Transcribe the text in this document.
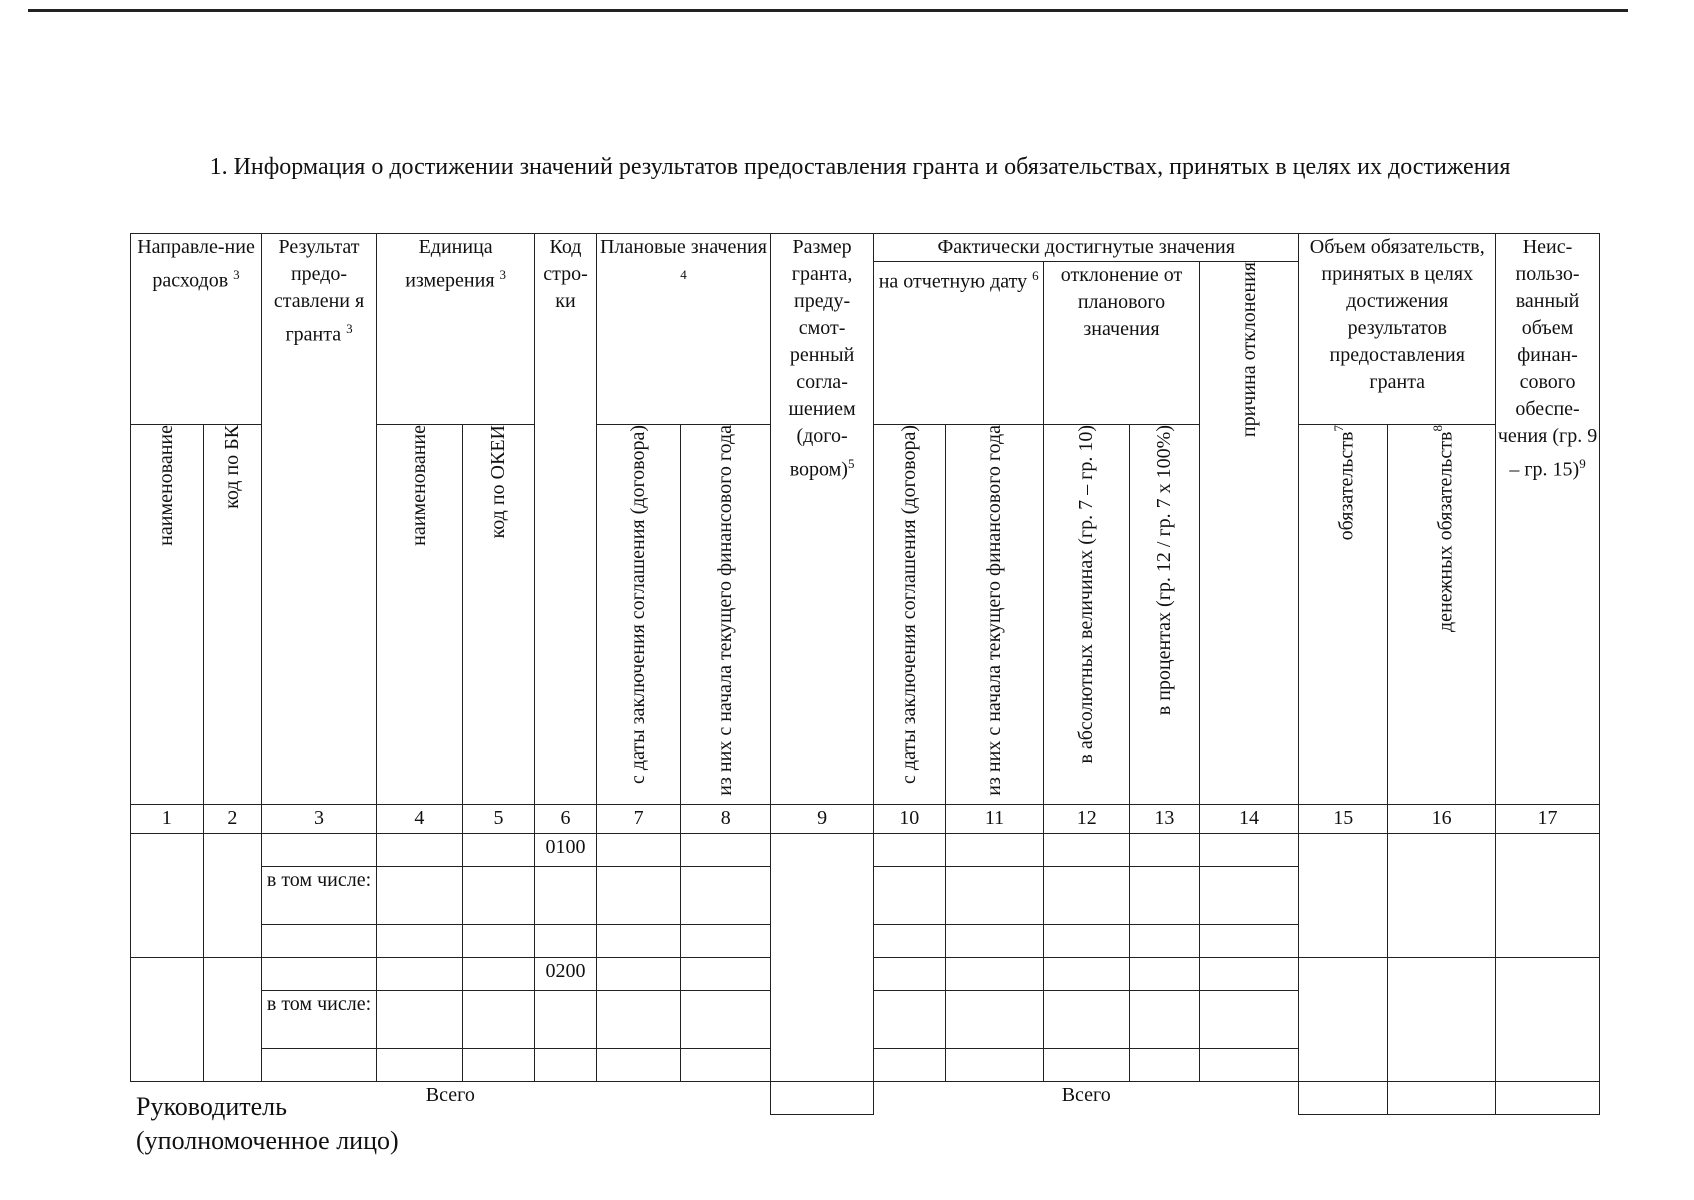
1. Информация о достижении значений результатов предоставления гранта и обязательствах, принятых в целях их достижения
Направле-ние расходов $^3$		Результат предо-ставлени я гранта $^3$	Единица измерения $^3$		Код стро-ки	Плановые значения $^4$		Размер гранта, преду-смот-ренный согла-шением (дого-вором)$^5$	Фактически достигнутые значения					Объем обязательств, принятых в целях достижения результатов предоставления гранта		Неис-пользо-ванный объем финан-сового обеспе-чения (гр. 9 – гр. 15)$^9$
									на отчетную дату $^6$		отклонение от планового значения		причина отклонения			
наименование	код по БК		наименование	код по ОКЕИ		с даты заключения соглашения (договора)	из них с начала текущего финансового года		с даты заключения соглашения (договора)	из них с начала текущего финансового года	в абсолютных величинах (гр. 7 – гр. 10)	в процентах (гр. 12 / гр. 7 х 100%)		обязательств$^7$	денежных обязательств$^8$
1	2	3	4	5	6	7	8	9	10	11	12	13	14	15	16	17
					0100											
		в том числе:														

					0200											
		в том числе:														

Всего									Всего							
Руководитель
(уполномоченное лицо)
